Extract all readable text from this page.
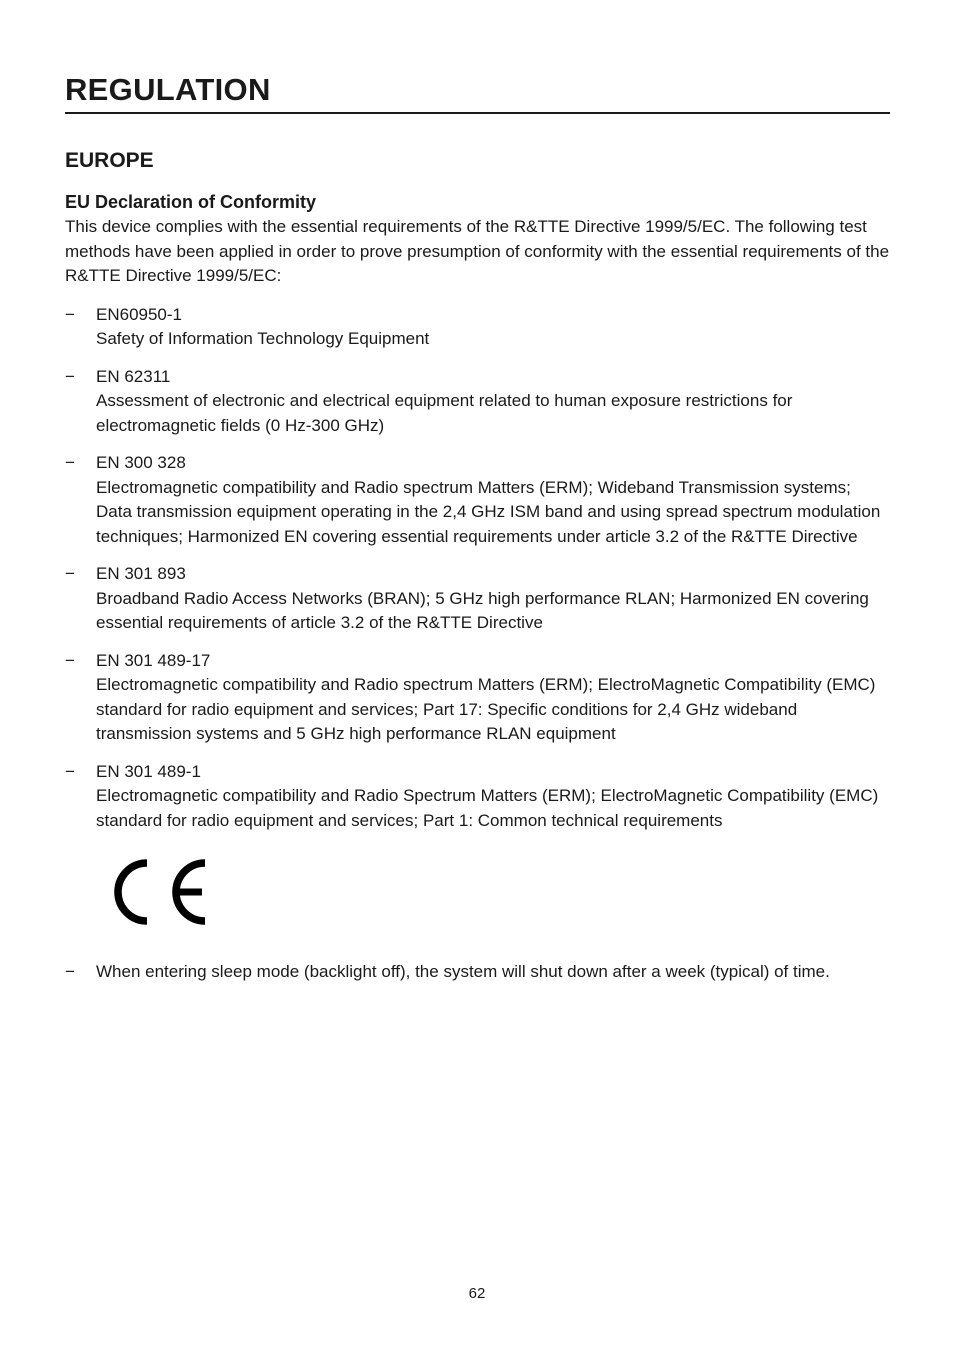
REGULATION
EUROPE
EU Declaration of Conformity

This device complies with the essential requirements of the R&TTE Directive 1999/5/EC. The following test methods have been applied in order to prove presumption of conformity with the essential requirements of the R&TTE Directive 1999/5/EC:

− EN60950-1
Safety of Information Technology Equipment
− EN 62311
Assessment of electronic and electrical equipment related to human exposure restrictions for electromagnetic fields (0 Hz-300 GHz)
− EN 300 328
Electromagnetic compatibility and Radio spectrum Matters (ERM); Wideband Transmission systems; Data transmission equipment operating in the 2,4 GHz ISM band and using spread spectrum modulation techniques; Harmonized EN covering essential requirements under article 3.2 of the R&TTE Directive
− EN 301 893
Broadband Radio Access Networks (BRAN); 5 GHz high performance RLAN; Harmonized EN covering essential requirements of article 3.2 of the R&TTE Directive
− EN 301 489-17
Electromagnetic compatibility and Radio spectrum Matters (ERM); ElectroMagnetic Compatibility (EMC) standard for radio equipment and services; Part 17: Specific conditions for 2,4 GHz wideband transmission systems and 5 GHz high performance RLAN equipment
− EN 301 489-1
Electromagnetic compatibility and Radio Spectrum Matters (ERM); ElectroMagnetic Compatibility (EMC) standard for radio equipment and services; Part 1: Common technical requirements
− When entering sleep mode (backlight off), the system will shut down after a week (typical) of time.
62
